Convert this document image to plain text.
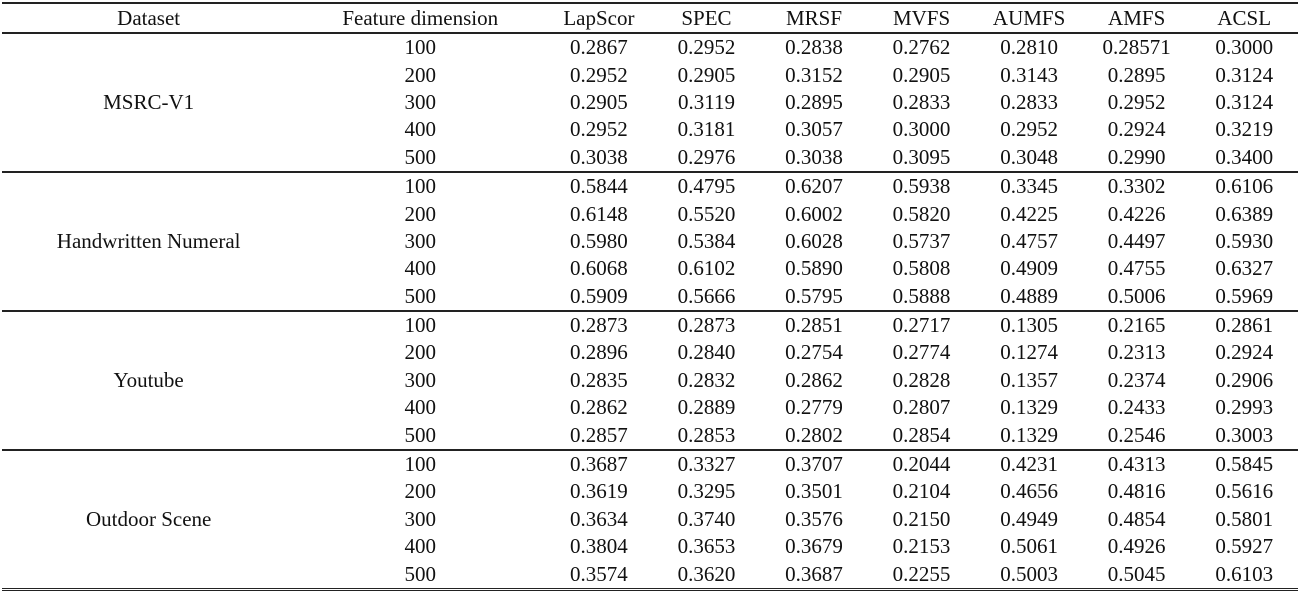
Dataset	Feature dimension	LapScor	SPEC	MRSF	MVFS	AUMFS	AMFS	ACSL
MSRC-V1	100	0.2867	0.2952	0.2838	0.2762	0.2810	0.28571	0.3000
	200	0.2952	0.2905	0.3152	0.2905	0.3143	0.2895	0.3124
	300	0.2905	0.3119	0.2895	0.2833	0.2833	0.2952	0.3124
	400	0.2952	0.3181	0.3057	0.3000	0.2952	0.2924	0.3219
	500	0.3038	0.2976	0.3038	0.3095	0.3048	0.2990	0.3400
Handwritten Numeral	100	0.5844	0.4795	0.6207	0.5938	0.3345	0.3302	0.6106
	200	0.6148	0.5520	0.6002	0.5820	0.4225	0.4226	0.6389
	300	0.5980	0.5384	0.6028	0.5737	0.4757	0.4497	0.5930
	400	0.6068	0.6102	0.5890	0.5808	0.4909	0.4755	0.6327
	500	0.5909	0.5666	0.5795	0.5888	0.4889	0.5006	0.5969
Youtube	100	0.2873	0.2873	0.2851	0.2717	0.1305	0.2165	0.2861
	200	0.2896	0.2840	0.2754	0.2774	0.1274	0.2313	0.2924
	300	0.2835	0.2832	0.2862	0.2828	0.1357	0.2374	0.2906
	400	0.2862	0.2889	0.2779	0.2807	0.1329	0.2433	0.2993
	500	0.2857	0.2853	0.2802	0.2854	0.1329	0.2546	0.3003
Outdoor Scene	100	0.3687	0.3327	0.3707	0.2044	0.4231	0.4313	0.5845
	200	0.3619	0.3295	0.3501	0.2104	0.4656	0.4816	0.5616
	300	0.3634	0.3740	0.3576	0.2150	0.4949	0.4854	0.5801
	400	0.3804	0.3653	0.3679	0.2153	0.5061	0.4926	0.5927
	500	0.3574	0.3620	0.3687	0.2255	0.5003	0.5045	0.6103
